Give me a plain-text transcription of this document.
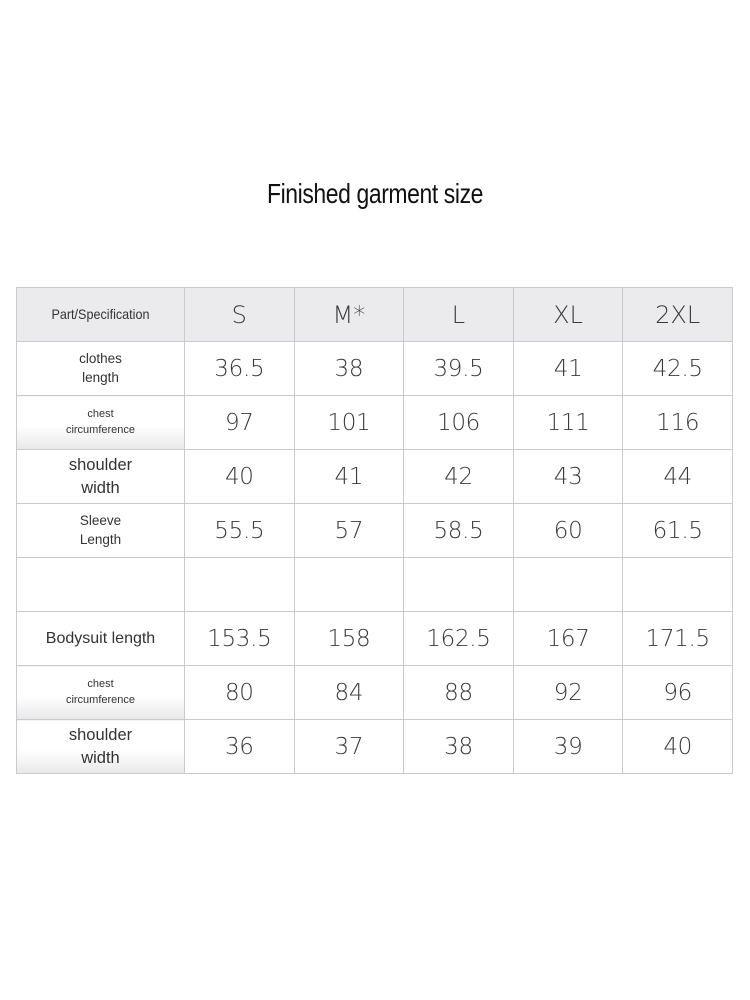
Finished garment size
Part/Specification	S	M*	L	XL	2XL
clothes
length	36.5	38	39.5	41	42.5
chest
circumference	97	101	106	111	116
shoulder
width	40	41	42	43	44
Sleeve
Length	55.5	57	58.5	60	61.5

Bodysuit length	153.5	158	162.5	167	171.5
chest
circumference	80	84	88	92	96
shoulder
width	36	37	38	39	40
